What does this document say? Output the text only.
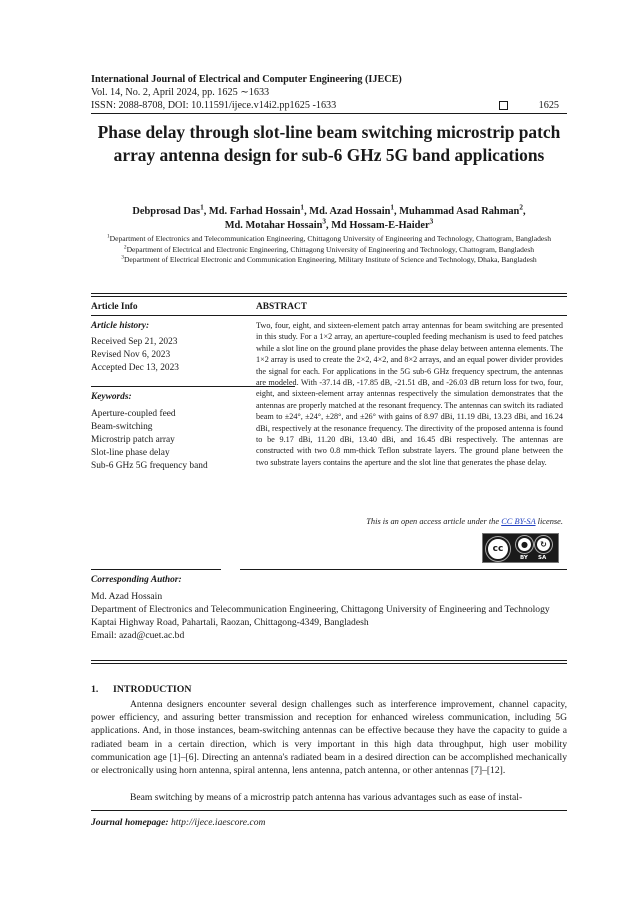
International Journal of Electrical and Computer Engineering (IJECE)
Vol. 14, No. 2, April 2024, pp. 1625 ∼1633
ISSN: 2088-8708, DOI: 10.11591/ijece.v14i2.pp1625 -1633	1625
Phase delay through slot-line beam switching microstrip patch array antenna design for sub-6 GHz 5G band applications
Debprosad Das$^1$, Md. Farhad Hossain$^1$, Md. Azad Hossain$^1$, Muhammad Asad Rahman$^2$,
Md. Motahar Hossain$^3$, Md Hossam-E-Haider$^3$

$^1$Department of Electronics and Telecommunication Engineering, Chittagong University of Engineering and Technology, Chattogram, Bangladesh

$^2$Department of Electrical and Electronic Engineering, Chittagong University of Engineering and Technology, Chattogram, Bangladesh

$^3$Department of Electrical Electronic and Communication Engineering, Military Institute of Science and Technology, Dhaka, Bangladesh

Article Info
Article history:
Received Sep 21, 2023
Revised Nov 6, 2023
Accepted Dec 13, 2023
Keywords:
Aperture-coupled feed
Beam-switching
Microstrip patch array
Slot-line phase delay
Sub-6 GHz 5G frequency band
ABSTRACT
Two, four, eight, and sixteen-element patch array antennas for beam switching are presented in this study. For a 1×2 array, an aperture-coupled feeding mechanism is used to feed patches while a slot line on the ground plane provides the phase delay between antenna elements. The 1×2 array is used to create the 2×2, 4×2, and 8×2 arrays, and an equal power divider provides the signal for each. For applications in the 5G sub-6 GHz frequency spectrum, the antennas are modeled. With -37.14 dB, -17.85 dB, -21.51 dB, and -26.03 dB return loss for two, four, eight, and sixteen-element array antennas respectively the simulation demonstrates that the antennas are properly matched at the resonant frequency. The antennas can switch its radiated beam to ±24°, ±24°, ±28°, and ±26° with gains of 8.97 dBi, 11.19 dBi, 13.23 dBi, and 16.24 dBi, respectively at the resonance frequency. The directivity of the proposed antenna is found to be 9.17 dBi, 11.20 dBi, 13.40 dBi, and 16.45 dBi respectively. The antennas are constructed with two 0.8 mm-thick Teflon substrate layers. The ground plane between the two substrate layers contains the aperture and the slot line that generates the phase delay.
This is an open access article under the CC BY-SA license.
cc	●	↻
BY SA
Corresponding Author:
Md. Azad Hossain
Department of Electronics and Telecommunication Engineering, Chittagong University of Engineering and Technology
Kaptai Highway Road, Pahartali, Raozan, Chittagong-4349, Bangladesh
Email: azad@cuet.ac.bd
1.      INTRODUCTION
Antenna designers encounter several design challenges such as interference improvement, channel capacity, power efficiency, and assuring better transmission and reception for enhanced wireless communication, including 5G applications. And, in those instances, beam-switching antennas can be effective because they have the capacity to guide a radiated beam in a certain direction, which is very important in this high data throughput, high user mobility communication age [1]–[6]. Directing an antenna's radiated beam in a desired direction can be accomplished mechanically or electronically using horn antenna, spiral antenna, lens antenna, patch antenna, or other antennas [7]–[12].
Beam switching by means of a microstrip patch antenna has various advantages such as ease of instal-
Journal homepage: http://ijece.iaescore.com
